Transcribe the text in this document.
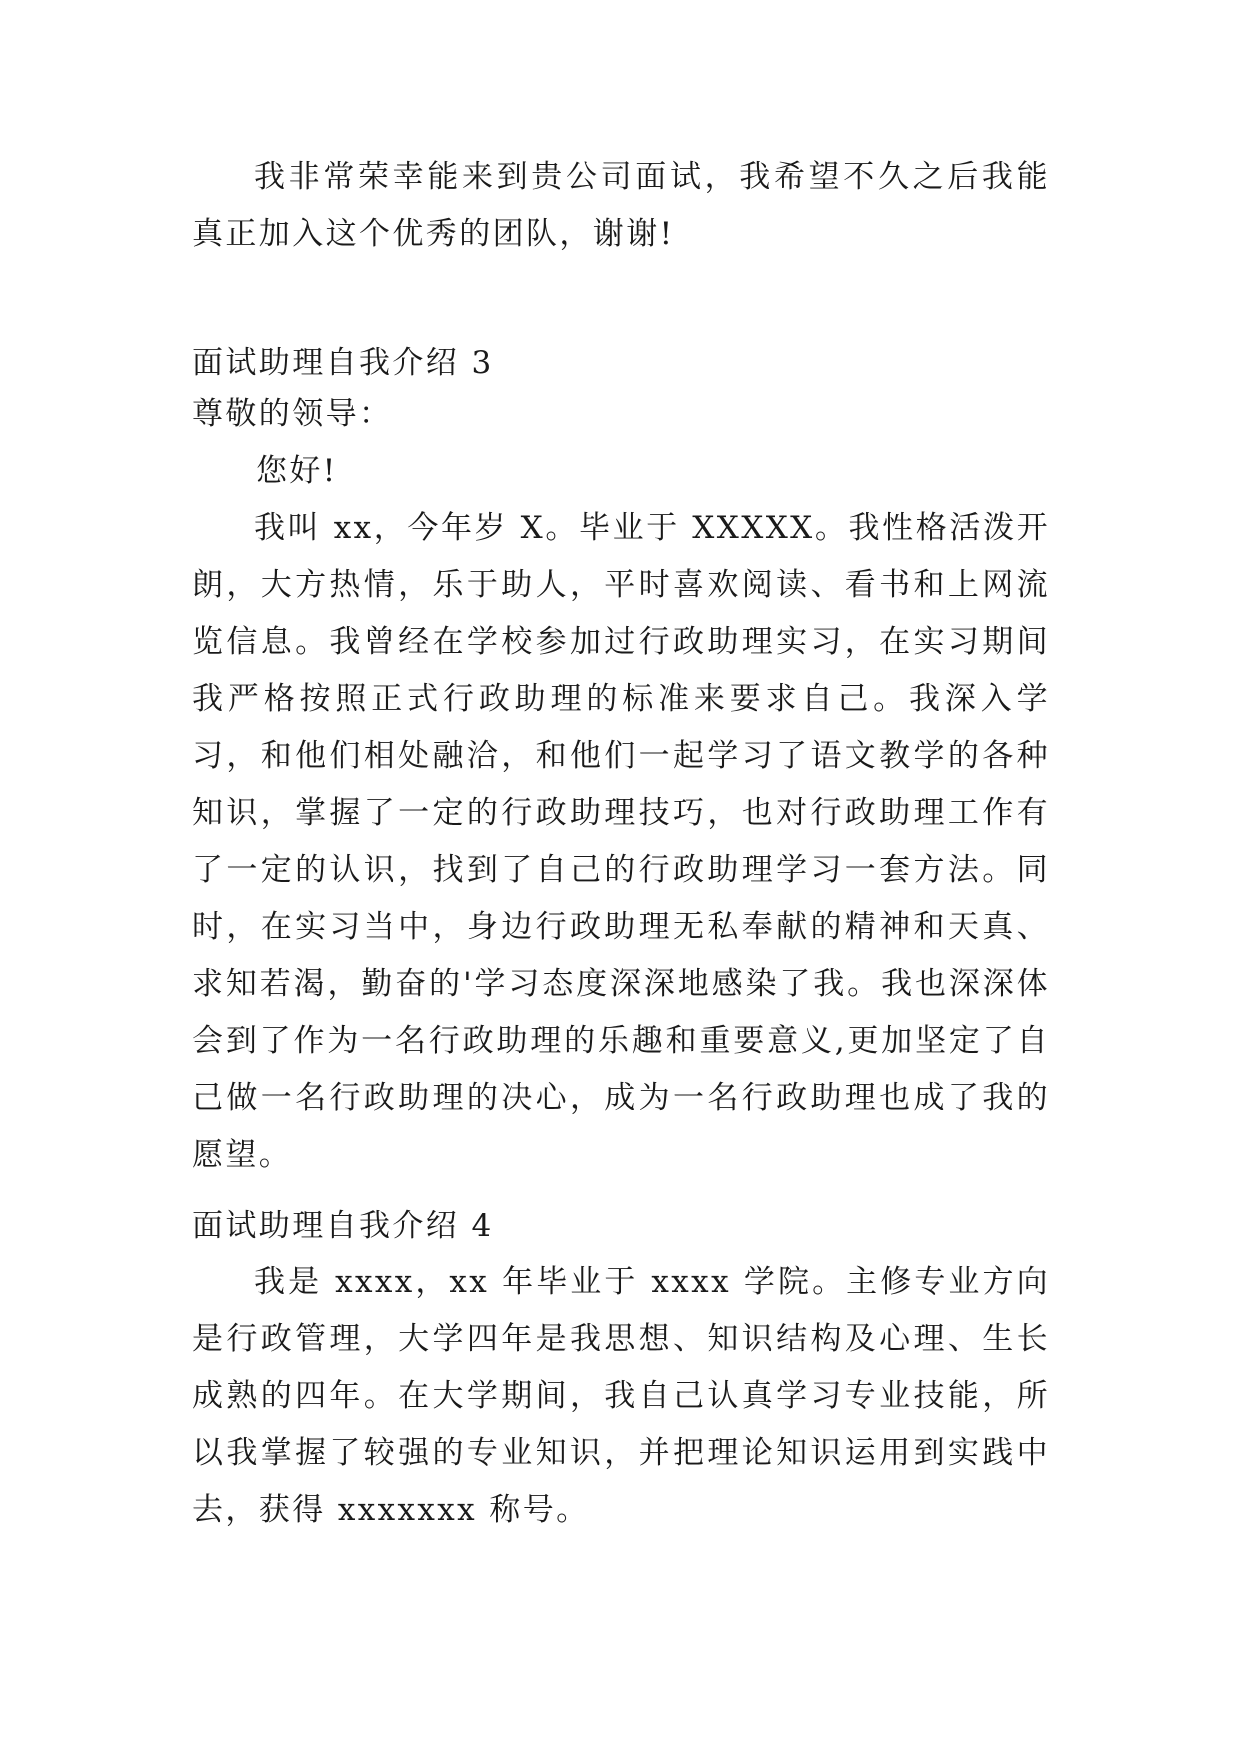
我非常荣幸能来到贵公司面试，我希望不久之后我能真正加入这个优秀的团队，谢谢!

面试助理自我介绍 3

尊敬的领导：

您好!

我叫 xx，今年岁 X。毕业于 XXXXX。我性格活泼开朗，大方热情，乐于助人，平时喜欢阅读、看书和上网流览信息。我曾经在学校参加过行政助理实习，在实习期间我严格按照正式行政助理的标准来要求自己。我深入学习，和他们相处融洽，和他们一起学习了语文教学的各种知识，掌握了一定的行政助理技巧，也对行政助理工作有了一定的认识，找到了自己的行政助理学习一套方法。同时，在实习当中，身边行政助理无私奉献的精神和天真、求知若渴，勤奋的'学习态度深深地感染了我。我也深深体会到了作为一名行政助理的乐趣和重要意义,更加坚定了自己做一名行政助理的决心，成为一名行政助理也成了我的愿望。

面试助理自我介绍 4

我是 xxxx，xx 年毕业于 xxxx 学院。主修专业方向是行政管理，大学四年是我思想、知识结构及心理、生长成熟的四年。在大学期间，我自己认真学习专业技能，所以我掌握了较强的专业知识，并把理论知识运用到实践中去，获得 xxxxxxx 称号。
